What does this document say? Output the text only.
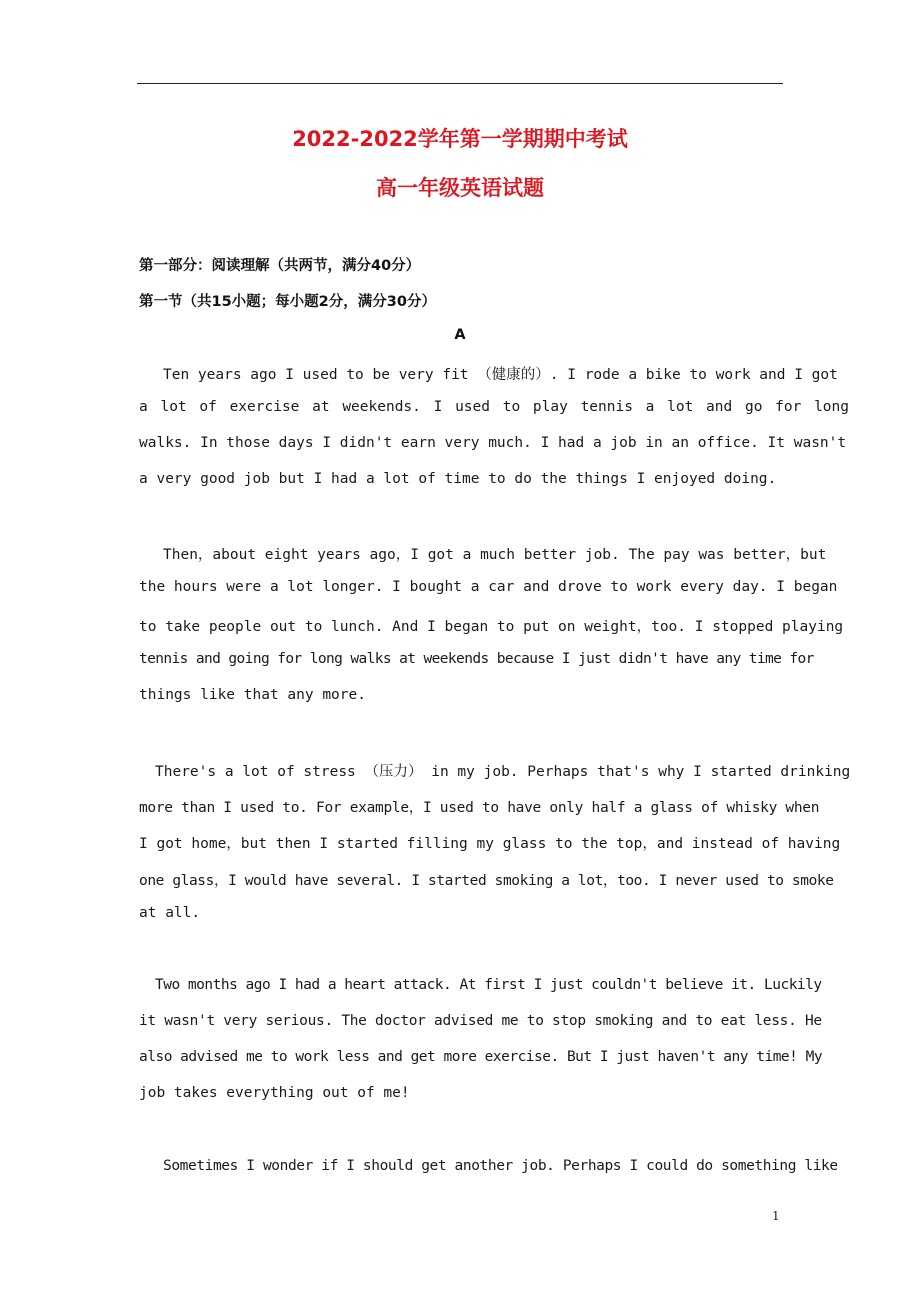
2022-2022学年第一学期期中考试
高一年级英语试题
第一部分：阅读理解（共两节，满分40分）
第一节（共15小题；每小题2分，满分30分）
A
Ten years ago I used to be very fit （健康的）. I rode a bike to work and I got
a lot of exercise at weekends. I used to play tennis a lot and go for long
walks. In those days I didn't earn very much. I had a job in an office. It wasn't
a very good job but I had a lot of time to do the things I enjoyed doing.
Then，about eight years ago，I got a much better job. The pay was better，but
the hours were a lot longer. I bought a car and drove to work every day. I began
to take people out to lunch. And I began to put on weight，too. I stopped playing
tennis and going for long walks at weekends because I just didn't have any time for
things like that any more.
There's a lot of stress （压力） in my job. Perhaps that's why I started drinking
more than I used to. For example，I used to have only half a glass of whisky when
I got home，but then I started filling my glass to the top，and instead of having
one glass，I would have several. I started smoking a lot，too. I never used to smoke
at all.
Two months ago I had a heart attack. At first I just couldn't believe it. Luckily
it wasn't very serious. The doctor advised me to stop smoking and to eat less. He
also advised me to work less and get more exercise. But I just haven't any time! My
job takes everything out of me!
Sometimes I wonder if I should get another job. Perhaps I could do something like
1
